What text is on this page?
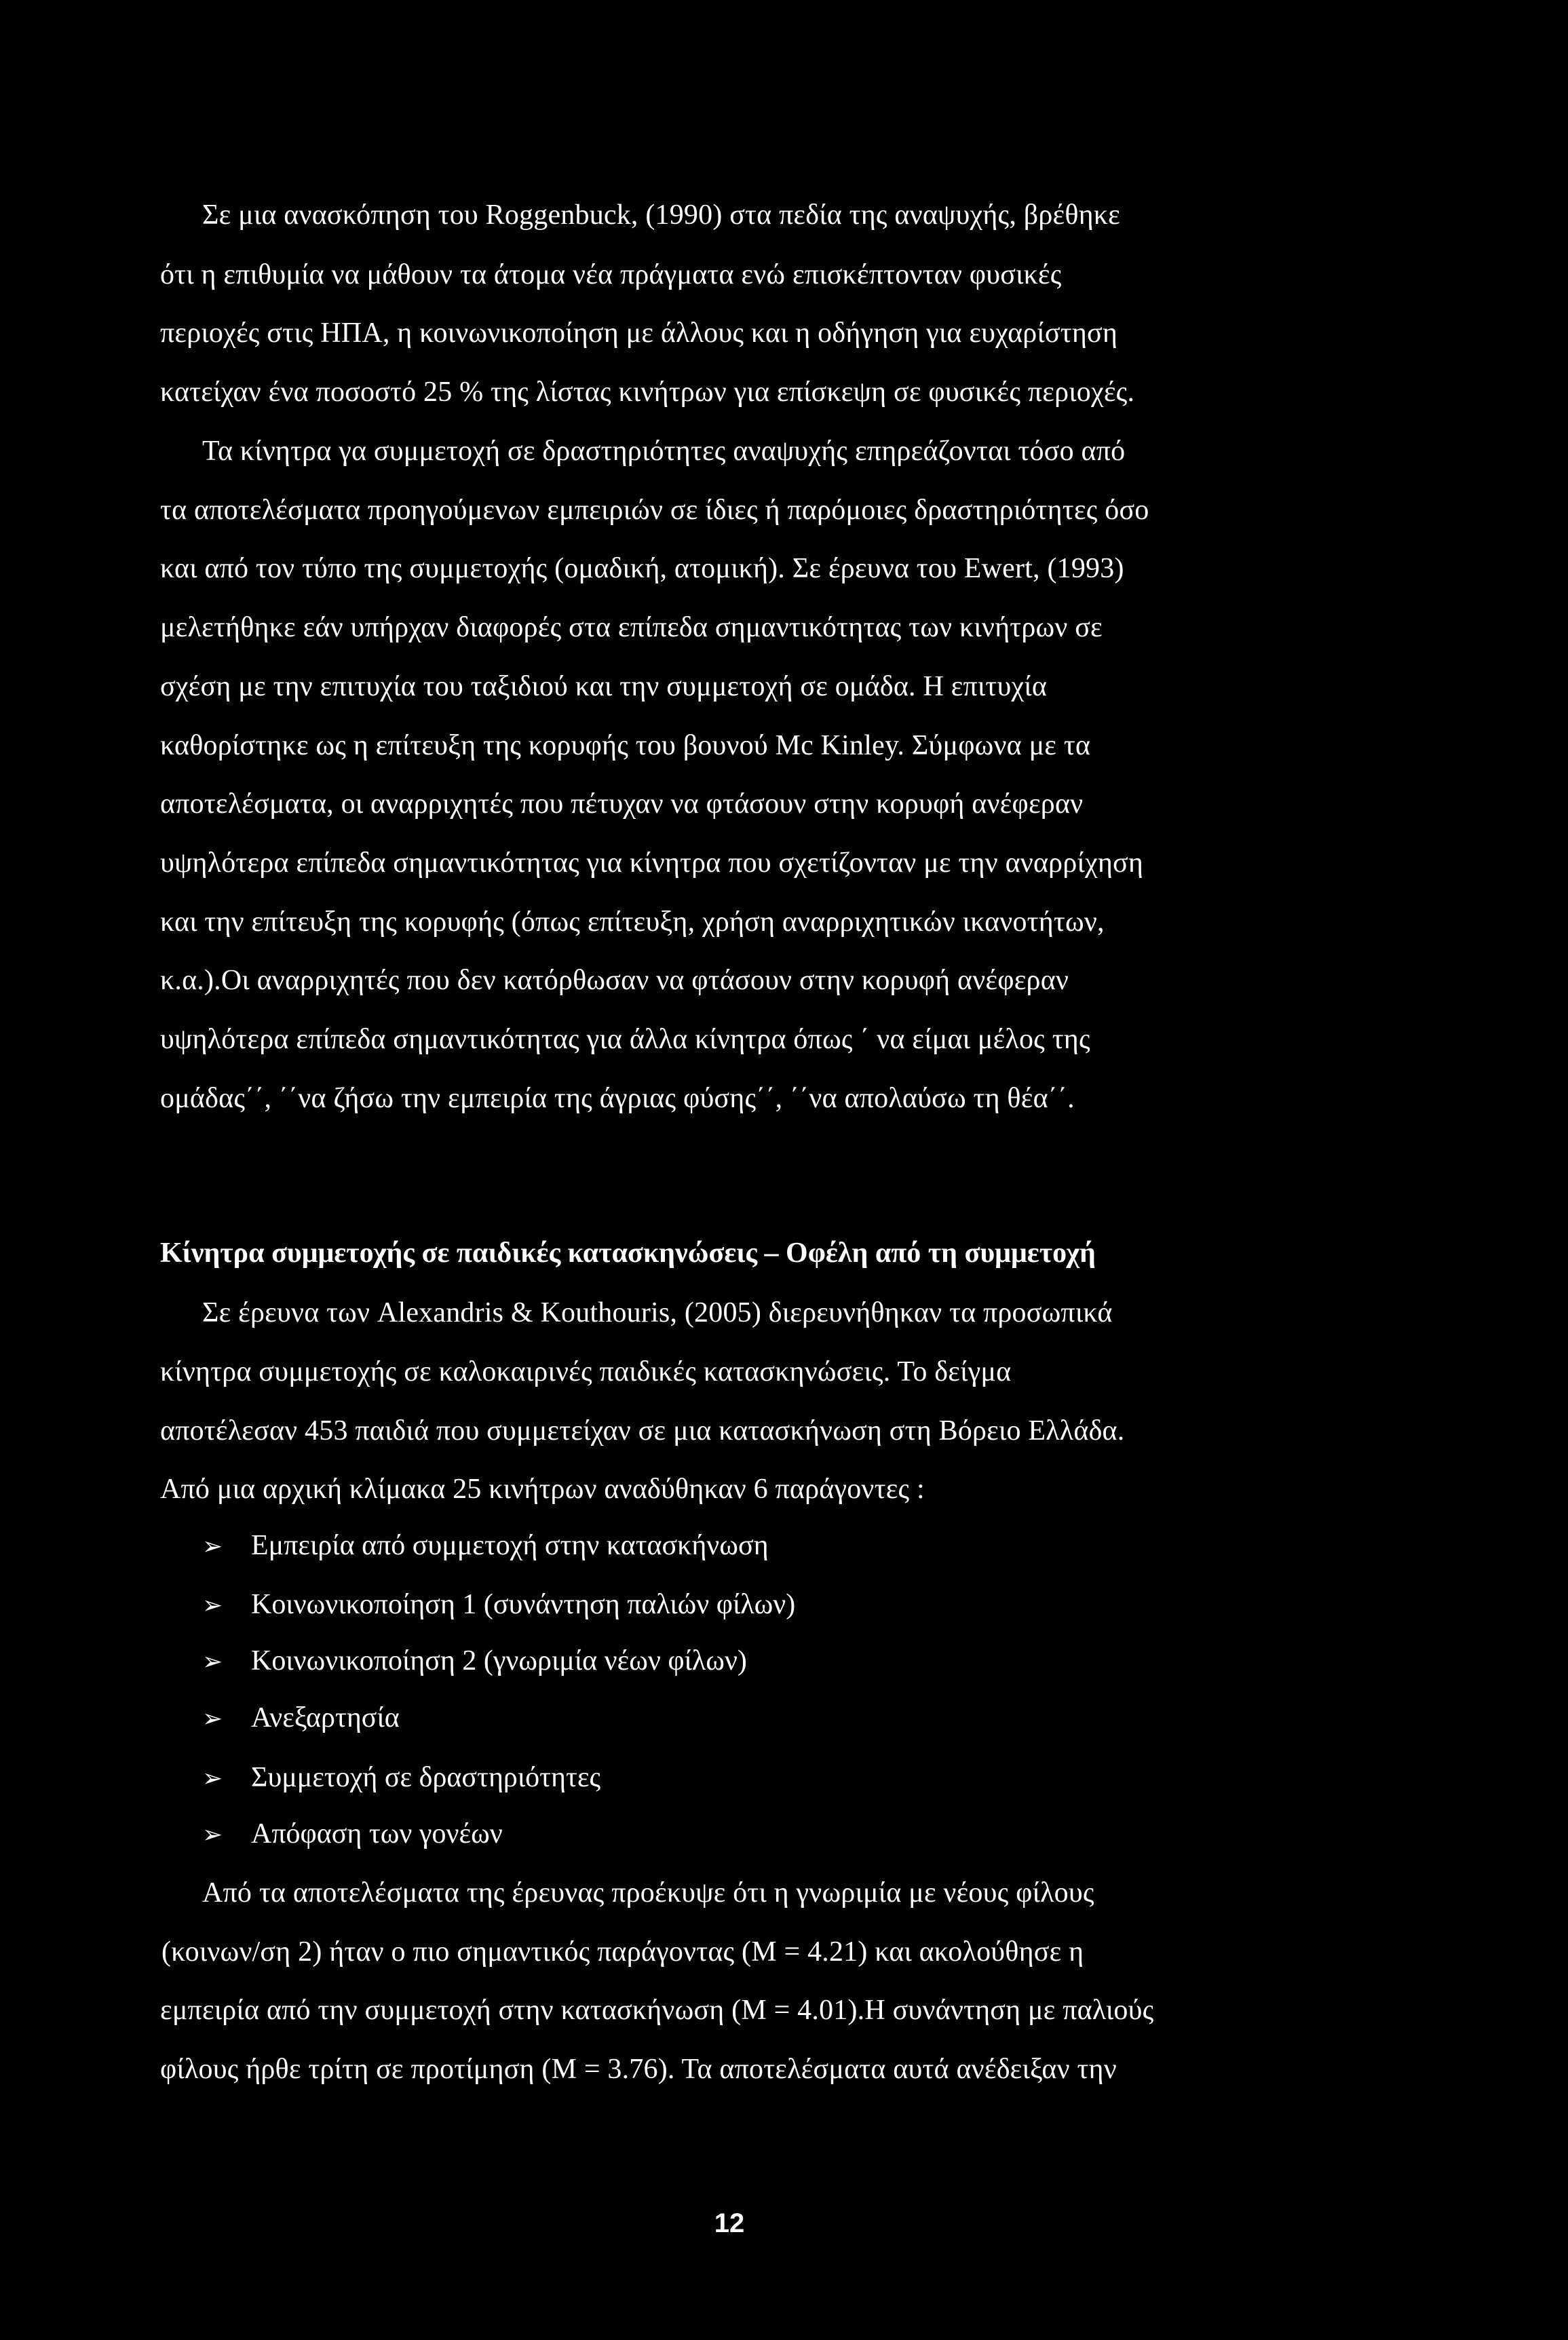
Σε μια ανασκόπηση του Roggenbuck, (1990) στα πεδία της αναψυχής, βρέθηκε
ότι η επιθυμία να μάθουν τα άτομα νέα πράγματα ενώ επισκέπτονταν φυσικές
περιοχές στις ΗΠΑ, η κοινωνικοποίηση με άλλους και η οδήγηση για ευχαρίστηση
κατείχαν ένα ποσοστό 25 % της λίστας κινήτρων για επίσκεψη σε φυσικές περιοχές.
Τα κίνητρα γα συμμετοχή σε δραστηριότητες αναψυχής επηρεάζονται τόσο από
τα αποτελέσματα προηγούμενων εμπειριών σε ίδιες ή παρόμοιες δραστηριότητες όσο
και από τον τύπο της συμμετοχής (ομαδική, ατομική). Σε έρευνα του Ewert, (1993)
μελετήθηκε εάν υπήρχαν διαφορές στα επίπεδα σημαντικότητας των κινήτρων σε
σχέση με την επιτυχία του ταξιδιού και την συμμετοχή σε ομάδα. Η επιτυχία
καθορίστηκε ως η επίτευξη της κορυφής του βουνού Mc Kinley. Σύμφωνα με τα
αποτελέσματα, οι αναρριχητές που πέτυχαν να φτάσουν στην κορυφή ανέφεραν
υψηλότερα επίπεδα σημαντικότητας για κίνητρα που σχετίζονταν με την αναρρίχηση
και την επίτευξη της κορυφής (όπως επίτευξη, χρήση αναρριχητικών ικανοτήτων,
κ.α.).Οι αναρριχητές που δεν κατόρθωσαν να φτάσουν στην κορυφή ανέφεραν
υψηλότερα επίπεδα σημαντικότητας για άλλα κίνητρα όπως ΄ να είμαι μέλος της
ομάδας΄΄, ΄΄να ζήσω την εμπειρία της άγριας φύσης΄΄, ΄΄να απολαύσω τη θέα΄΄.
Κίνητρα συμμετοχής σε παιδικές κατασκηνώσεις – Οφέλη από τη συμμετοχή
Σε έρευνα των Alexandris & Kouthouris, (2005) διερευνήθηκαν τα προσωπικά
κίνητρα συμμετοχής σε καλοκαιρινές παιδικές κατασκηνώσεις. Το δείγμα
αποτέλεσαν 453 παιδιά που συμμετείχαν σε μια κατασκήνωση στη Βόρειο Ελλάδα.
Από μια αρχική κλίμακα 25 κινήτρων αναδύθηκαν 6 παράγοντες :
➢ Εμπειρία από συμμετοχή στην κατασκήνωση
➢ Κοινωνικοποίηση 1 (συνάντηση παλιών φίλων)
➢ Κοινωνικοποίηση 2 (γνωριμία νέων φίλων)
➢ Ανεξαρτησία
➢ Συμμετοχή σε δραστηριότητες
➢ Απόφαση των γονέων
Από τα αποτελέσματα της έρευνας προέκυψε ότι η γνωριμία με νέους φίλους
(κοινων/ση 2) ήταν ο πιο σημαντικός παράγοντας (Μ = 4.21) και ακολούθησε η
εμπειρία από την συμμετοχή στην κατασκήνωση (Μ = 4.01).Η συνάντηση με παλιούς
φίλους ήρθε τρίτη σε προτίμηση (Μ = 3.76). Τα αποτελέσματα αυτά ανέδειξαν την
12
